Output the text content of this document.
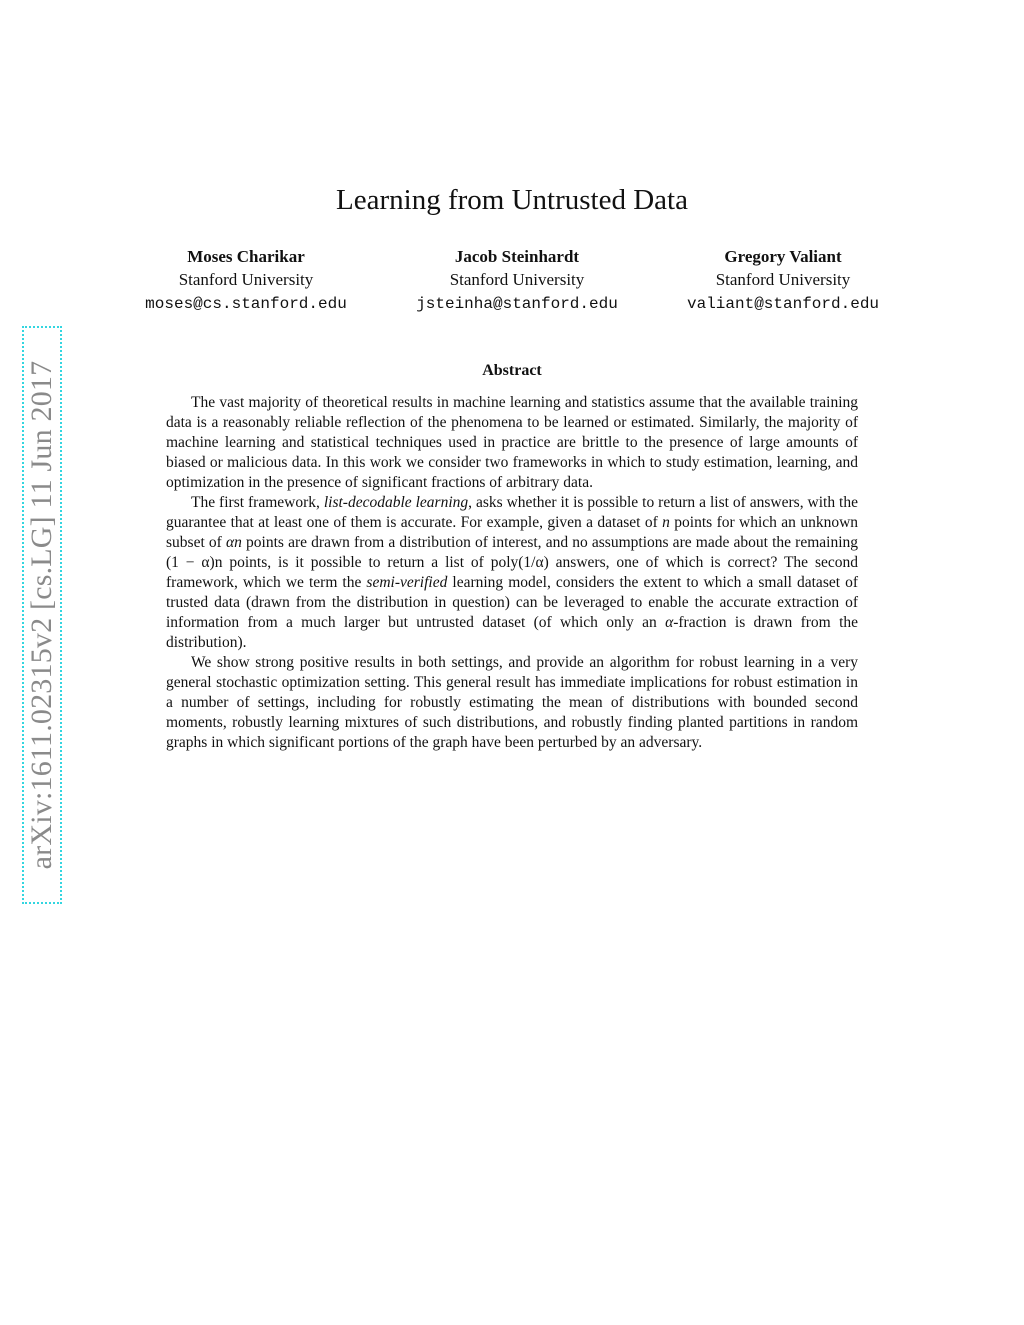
arXiv:1611.02315v2 [cs.LG] 11 Jun 2017
Learning from Untrusted Data
Moses Charikar
Stanford University
moses@cs.stanford.edu
Jacob Steinhardt
Stanford University
jsteinha@stanford.edu
Gregory Valiant
Stanford University
valiant@stanford.edu
Abstract

The vast majority of theoretical results in machine learning and statistics assume that the available training data is a reasonably reliable reflection of the phenomena to be learned or estimated. Similarly, the majority of machine learning and statistical techniques used in practice are brittle to the presence of large amounts of biased or malicious data. In this work we consider two frameworks in which to study estimation, learning, and optimization in the presence of significant fractions of arbitrary data.

The first framework, list-decodable learning, asks whether it is possible to return a list of answers, with the guarantee that at least one of them is accurate. For example, given a dataset of n points for which an unknown subset of αn points are drawn from a distribution of interest, and no assumptions are made about the remaining (1 − α)n points, is it possible to return a list of poly(1/α) answers, one of which is correct? The second framework, which we term the semi-verified learning model, considers the extent to which a small dataset of trusted data (drawn from the distribution in question) can be leveraged to enable the accurate extraction of information from a much larger but untrusted dataset (of which only an α-fraction is drawn from the distribution).

We show strong positive results in both settings, and provide an algorithm for robust learning in a very general stochastic optimization setting. This general result has immediate implications for robust estimation in a number of settings, including for robustly estimating the mean of distributions with bounded second moments, robustly learning mixtures of such distributions, and robustly finding planted partitions in random graphs in which significant portions of the graph have been perturbed by an adversary.
